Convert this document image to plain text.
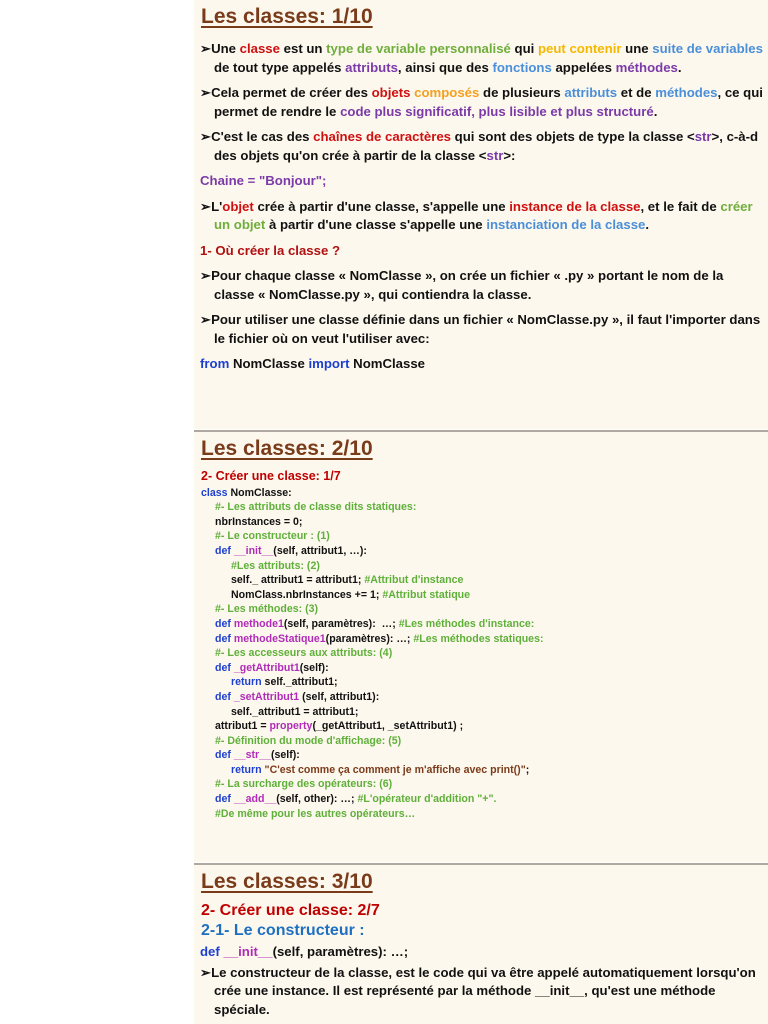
Les classes: 1/10
➢Une classe est un type de variable personnalisé qui peut contenir une suite de variables de tout type appelés attributs, ainsi que des fonctions appelées méthodes.
➢Cela permet de créer des objets composés de plusieurs attributs et de méthodes, ce qui permet de rendre le code plus significatif, plus lisible et plus structuré.
➢C'est le cas des chaînes de caractères qui sont des objets de type la classe <str>, c-à-d des objets qu'on crée à partir de la classe <str>:
Chaine = "Bonjour";
➢L'objet crée à partir d'une classe, s'appelle une instance de la classe, et le fait de créer un objet à partir d'une classe s'appelle une instanciation de la classe.
1- Où créer la classe ?
➢Pour chaque classe « NomClasse », on crée un fichier « .py » portant le nom de la classe « NomClasse.py », qui contiendra la classe.
➢Pour utiliser une classe définie dans un fichier « NomClasse.py », il faut l'importer dans le fichier où on veut l'utiliser avec:
from NomClasse import NomClasse
Les classes: 2/10
2- Créer une classe: 1/7
class NomClasse:
#- Les attributs de classe dits statiques:
nbrInstances = 0;
#- Le constructeur : (1)
def __init__(self, attribut1, …):
#Les attributs: (2)
self._ attribut1 = attribut1; #Attribut d'instance
NomClass.nbrInstances += 1; #Attribut statique
#- Les méthodes: (3)
def methode1(self, paramètres):  …; #Les méthodes d'instance:
def methodeStatique1(paramètres): …; #Les méthodes statiques:
#- Les accesseurs aux attributs: (4)
def _getAttribut1(self):
return self._attribut1;
def _setAttribut1 (self, attribut1):
self._attribut1 = attribut1;
attribut1 = property(_getAttribut1, _setAttribut1) ;
#- Définition du mode d'affichage: (5)
def __str__(self):
return "C'est comme ça comment je m'affiche avec print()";
#- La surcharge des opérateurs: (6)
def __add__(self, other): …; #L'opérateur d'addition "+".
#De même pour les autres opérateurs…
Les classes: 3/10
2- Créer une classe: 2/7
2-1- Le constructeur :
def __init__(self, paramètres): …;
➢Le constructeur de la classe, est le code qui va être appelé automatiquement lorsqu'on crée une instance. Il est représenté par la méthode __init__, qu'est une méthode spéciale.
